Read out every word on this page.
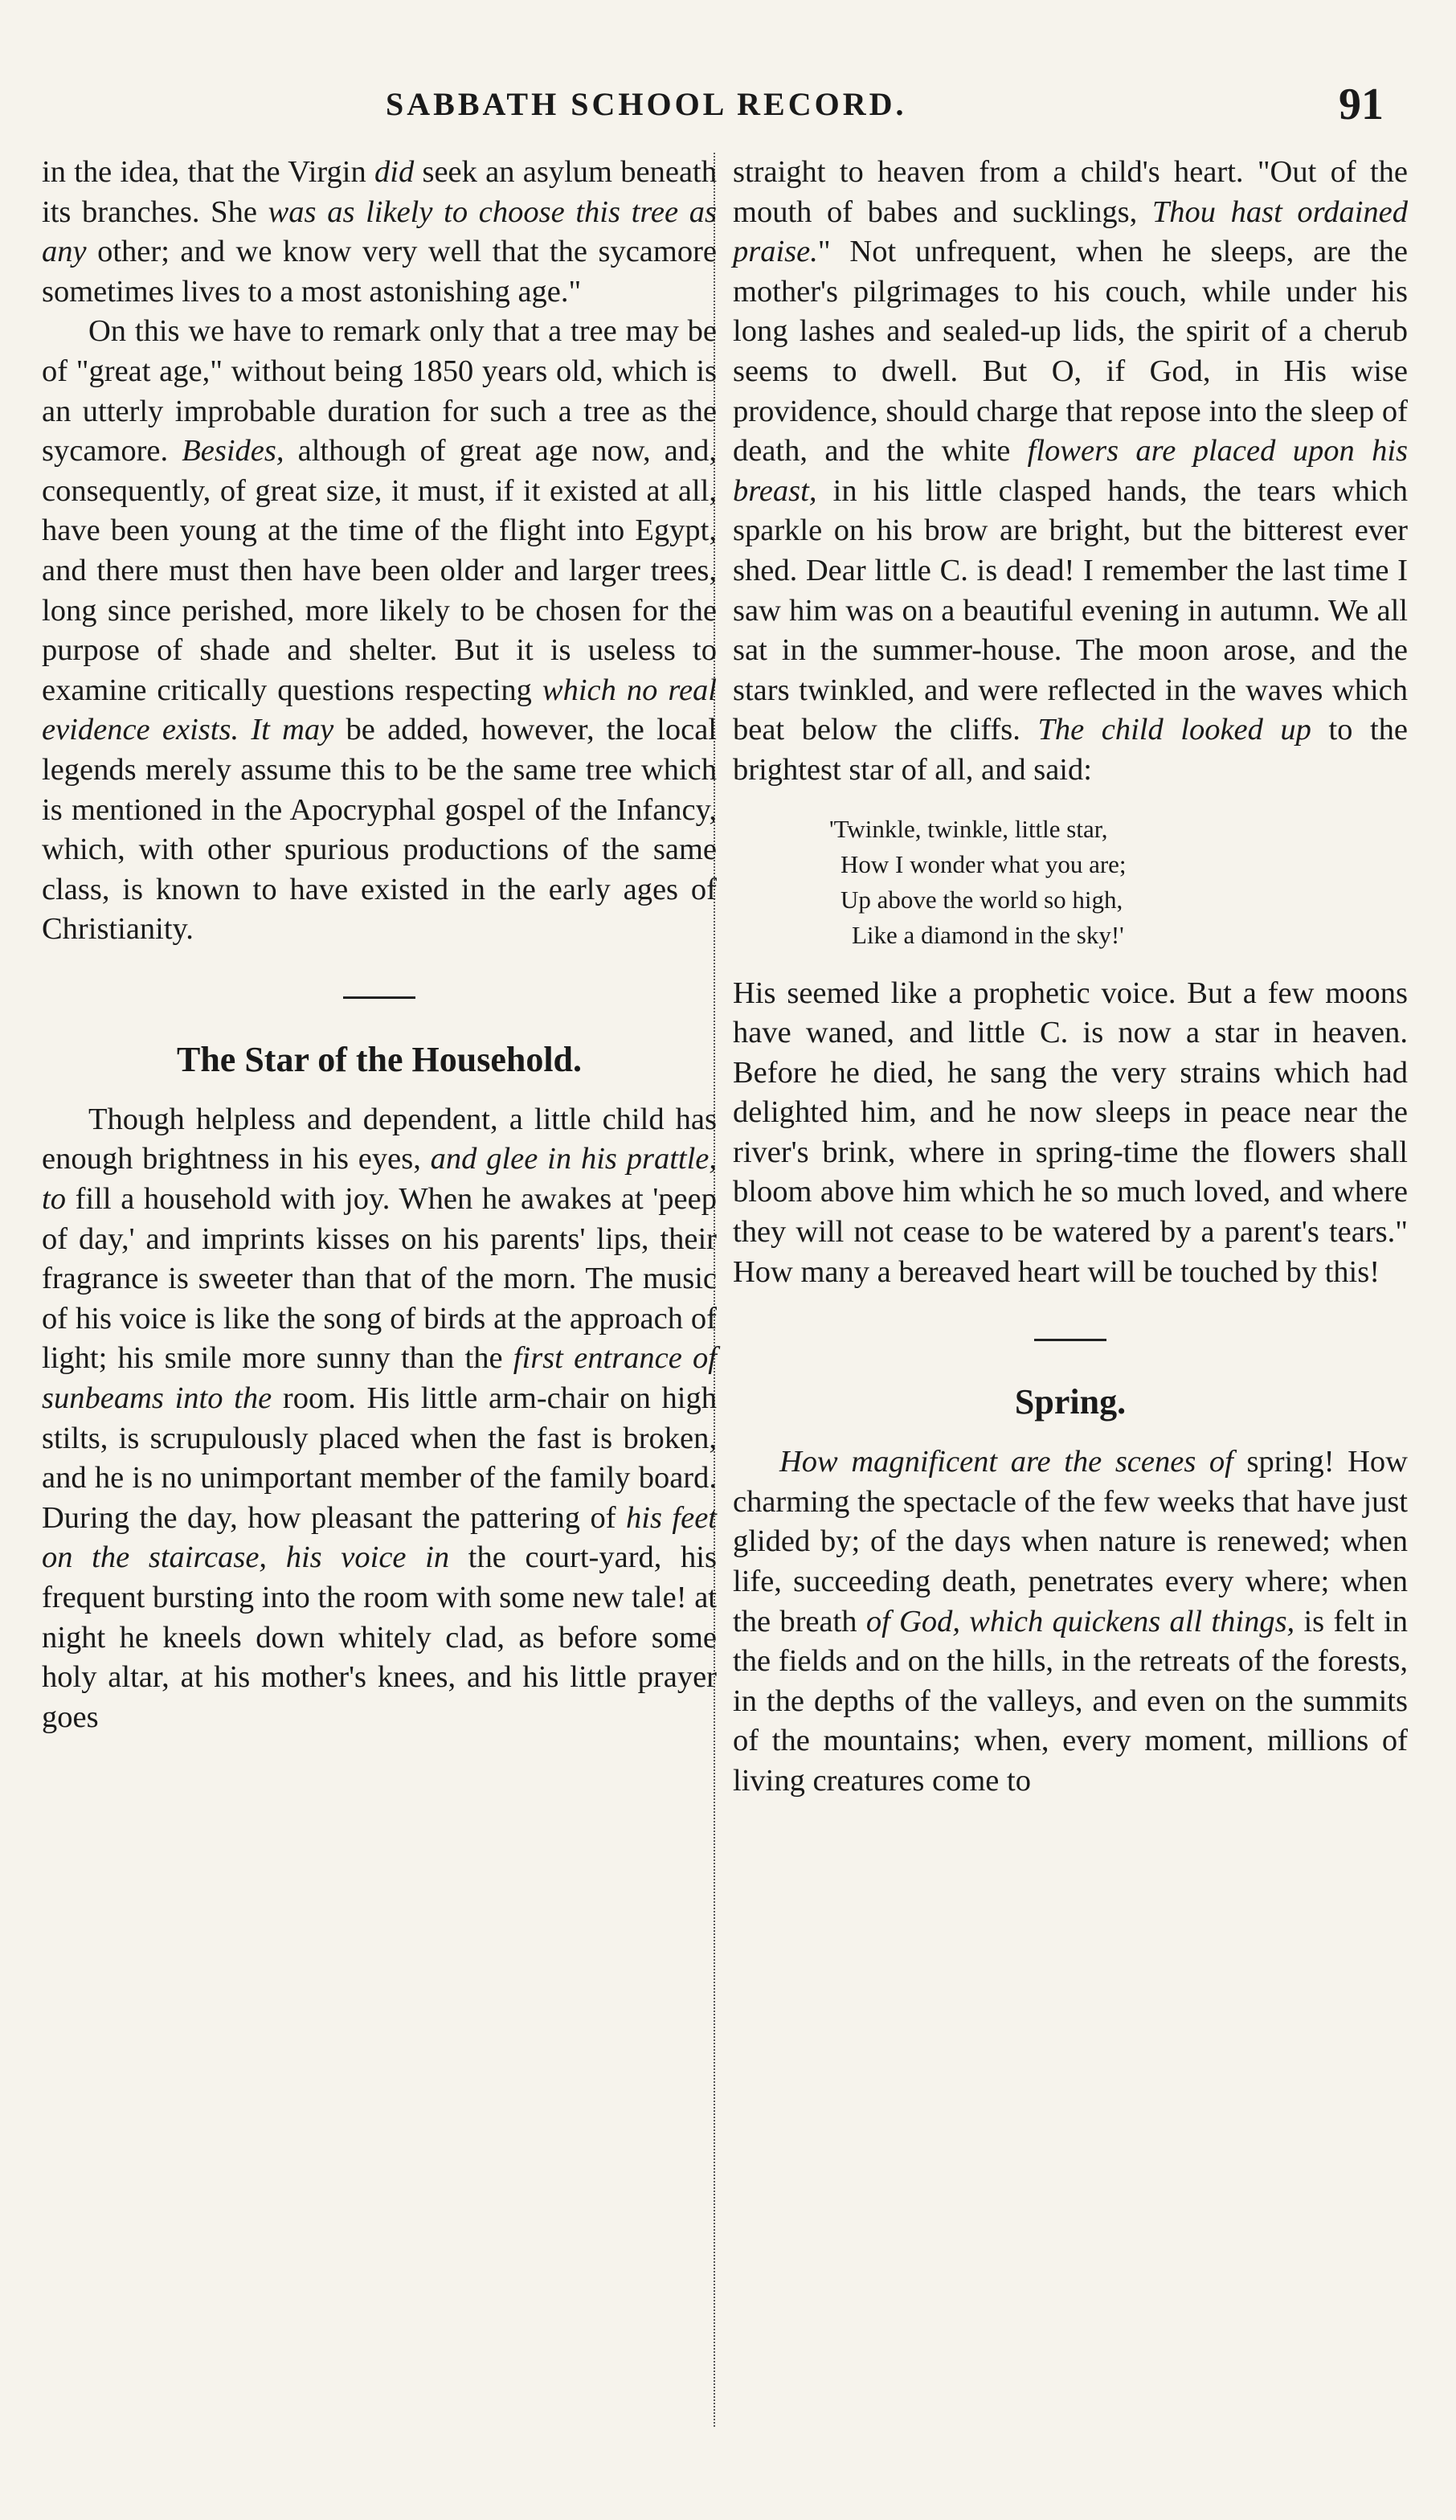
SABBATH SCHOOL RECORD.	91

in the idea, that the Virgin did seek an asylum beneath its branches. She was as likely to choose this tree as any other; and we know very well that the sycamore sometimes lives to a most astonishing age."

On this we have to remark only that a tree may be of "great age," without being 1850 years old, which is an utterly improbable duration for such a tree as the sycamore. Besides, although of great age now, and, consequently, of great size, it must, if it existed at all, have been young at the time of the flight into Egypt, and there must then have been older and larger trees, long since perished, more likely to be chosen for the purpose of shade and shelter. But it is useless to examine critically questions respecting which no real evidence exists. It may be added, however, the local legends merely assume this to be the same tree which is mentioned in the Apocryphal gospel of the Infancy, which, with other spurious productions of the same class, is known to have existed in the early ages of Christianity.

The Star of the Household.

Though helpless and dependent, a little child has enough brightness in his eyes, and glee in his prattle, to fill a household with joy. When he awakes at 'peep of day,' and imprints kisses on his parents' lips, their fragrance is sweeter than that of the morn. The music of his voice is like the song of birds at the approach of light; his smile more sunny than the first entrance of sunbeams into the room. His little arm-chair on high stilts, is scrupulously placed when the fast is broken, and he is no unimportant member of the family board. During the day, how pleasant the pattering of his feet on the staircase, his voice in the court-yard, his frequent bursting into the room with some new tale! at night he kneels down whitely clad, as before some holy altar, at his mother's knees, and his little prayer goes

straight to heaven from a child's heart. "Out of the mouth of babes and sucklings, Thou hast ordained praise." Not unfrequent, when he sleeps, are the mother's pilgrimages to his couch, while under his long lashes and sealed-up lids, the spirit of a cherub seems to dwell. But O, if God, in His wise providence, should charge that repose into the sleep of death, and the white flowers are placed upon his breast, in his little clasped hands, the tears which sparkle on his brow are bright, but the bitterest ever shed. Dear little C. is dead! I remember the last time I saw him was on a beautiful evening in autumn. We all sat in the summer-house. The moon arose, and the stars twinkled, and were reflected in the waves which beat below the cliffs. The child looked up to the brightest star of all, and said:

'Twinkle, twinkle, little star,
How I wonder what you are;
Up above the world so high,
Like a diamond in the sky!'

His seemed like a prophetic voice. But a few moons have waned, and little C. is now a star in heaven. Before he died, he sang the very strains which had delighted him, and he now sleeps in peace near the river's brink, where in spring-time the flowers shall bloom above him which he so much loved, and where they will not cease to be watered by a parent's tears." How many a bereaved heart will be touched by this!

Spring.

How magnificent are the scenes of spring! How charming the spectacle of the few weeks that have just glided by; of the days when nature is renewed; when life, succeeding death, penetrates every where; when the breath of God, which quickens all things, is felt in the fields and on the hills, in the retreats of the forests, in the depths of the valleys, and even on the summits of the mountains; when, every moment, millions of living creatures come to
